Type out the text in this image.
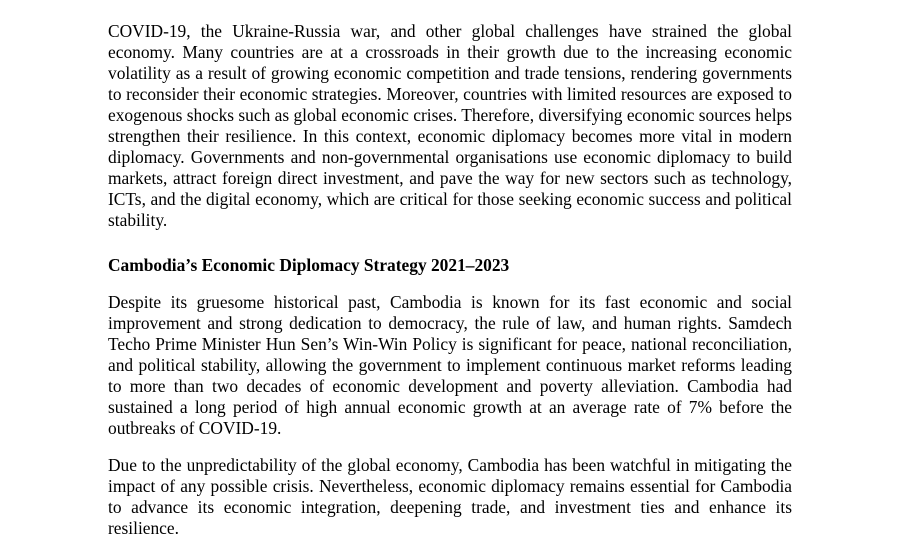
COVID-19, the Ukraine-Russia war, and other global challenges have strained the global economy. Many countries are at a crossroads in their growth due to the increasing economic volatility as a result of growing economic competition and trade tensions, rendering governments to reconsider their economic strategies. Moreover, countries with limited resources are exposed to exogenous shocks such as global economic crises. Therefore, diversifying economic sources helps strengthen their resilience. In this context, economic diplomacy becomes more vital in modern diplomacy. Governments and non-governmental organisations use economic diplomacy to build markets, attract foreign direct investment, and pave the way for new sectors such as technology, ICTs, and the digital economy, which are critical for those seeking economic success and political stability.

Cambodia’s Economic Diplomacy Strategy 2021–2023

Despite its gruesome historical past, Cambodia is known for its fast economic and social improvement and strong dedication to democracy, the rule of law, and human rights. Samdech Techo Prime Minister Hun Sen’s Win-Win Policy is significant for peace, national reconciliation, and political stability, allowing the government to implement continuous market reforms leading to more than two decades of economic development and poverty alleviation. Cambodia had sustained a long period of high annual economic growth at an average rate of 7% before the outbreaks of COVID-19.

Due to the unpredictability of the global economy, Cambodia has been watchful in mitigating the impact of any possible crisis. Nevertheless, economic diplomacy remains essential for Cambodia to advance its economic integration, deepening trade, and investment ties and enhance its resilience.
